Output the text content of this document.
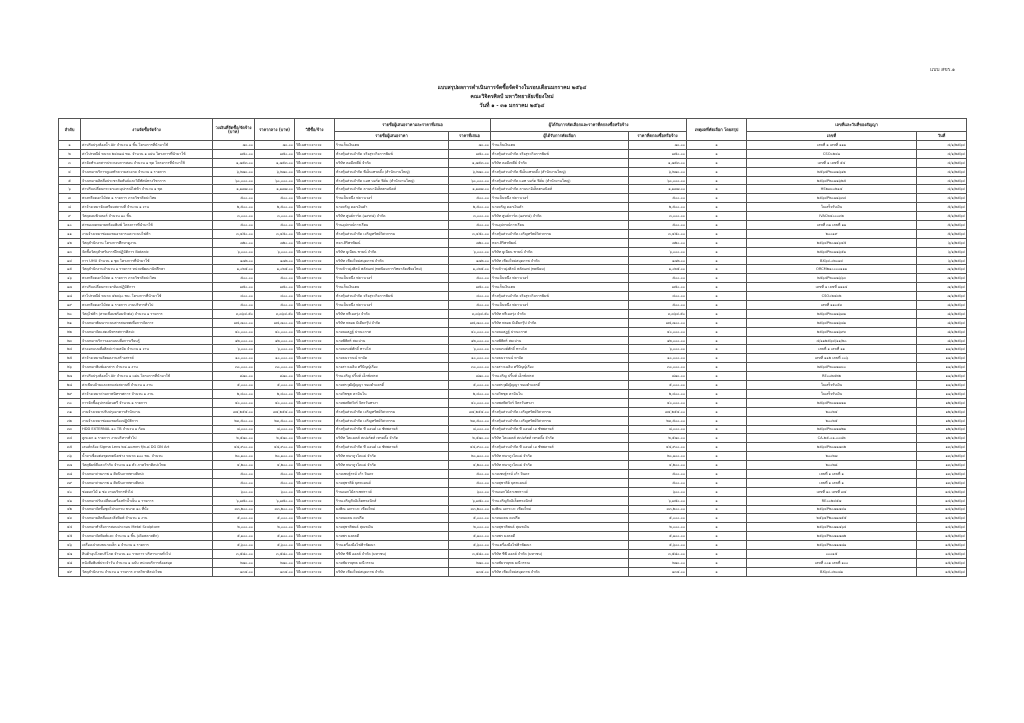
แบบ สขร.๑
แบบสรุปผลการดำเนินการจัดซื้อจัดจ้างในรอบเดือนมกราคม ๒๕๖๔
คณะวิจิตรศิลป์ มหาวิทยาลัยเชียงใหม่
วันที่ ๑ - ๓๑ มกราคม ๒๕๖๔
ลำดับ	งานจัดซื้อจัดจ้าง	วงเงินที่จัดซื้อ/จัดจ้าง (บาท)	ราคากลาง (บาท)	วิธีซื้อ/จ้าง	รายชื่อผู้เสนอราคาและราคาที่เสนอ		ผู้ได้รับการคัดเลือกและราคาที่ตกลงซื้อหรือจ้าง		เหตุผลที่คัดเลือก โดยสรุป	เลขที่และวันที่ของสัญญา	
					รายชื่อผู้เสนอราคา	ราคาที่เสนอ	ผู้ได้รับการคัดเลือก	ราคาที่ตกลงซื้อหรือจ้าง		เลขที่	วันที่
๑	ค่าปรับปรุงห้องน้ำ Air จำนวน ๑ ชิ้น โครงการที่นำมาใช้	๗๐.๐๐	๗๐.๐๐	วิธีเฉพาะเจาะจง	ร้านเก็บเงินเตย	๗๐.๐๐	ร้านเก็บเงินเตย	๗๐.๐๐	๑	เลขที่ ๑ เลขที่ ๑๑๑	๔/๑/๒๕๖๔
๒	ค่าไปรษณีย์ ขนาด ๒๔x๑๘ ซม. จำนวน ๑ แผ่น โครงการที่นำมาใช้	๗๕๐.๐๐	๗๕๐.๐๐	วิธีเฉพาะเจาะจง	ห้างหุ้นส่วนจำกัด จริงสุระกิจการพิมพ์	๗๕๐.๐๐	ห้างหุ้นส่วนจำกัด จริงสุระกิจการพิมพ์	๗๕๐.๐๐	๑	CSO๐๒๔๑	๔/๑/๒๕๖๔
๓	ค่าจัดทำเอกสารประกอบการสอน จำนวน ๑ ชุด โครงการที่นำมาใช้	๑,๗๕๓.๐๐	๑,๗๕๓.๐๐	วิธีเฉพาะเจาะจง	บริษัท คอมีเพลีย์ จำกัด	๑,๗๕๓.๐๐	บริษัท คอมีเพลีย์ จำกัด	๑,๗๕๓.๐๐	๑	เลขที่ ๑ เลขที่ ๕๔	๔/๑/๒๕๖๔
๔	จ้างเหมาบริการดูแลทำความสะอาด จำนวน ๑ รายการ	๖,๒๗๐.๐๐	๖,๒๗๐.๐๐	วิธีเฉพาะเจาะจง	ห้างหุ้นส่วนจำกัด พีเอ็นเทรดดิ้ง (สำนักงานใหญ่)	๖,๒๗๐.๐๐	ห้างหุ้นส่วนจำกัด พีเอ็นเทรดดิ้ง (สำนักงานใหญ่)	๖,๒๗๐.๐๐	๑	๒๕๖๔P๒๐๗๑๖๑๒	๔/๑/๒๕๖๔
๕	จ้างเหมาผลิตสื่อประชาสัมพันธ์และวิดีทัศน์ทางวิชาการ	๖๐,๐๐๐.๐๐	๖๐,๐๐๐.๐๐	วิธีเฉพาะเจาะจง	ห้างหุ้นส่วนจำกัด แอท บอร์ด ฟิล์ม (สำนักงานใหญ่)	๖๐,๐๐๐.๐๐	ห้างหุ้นส่วนจำกัด แอท บอร์ด ฟิล์ม (สำนักงานใหญ่)	๖๐,๐๐๐.๐๐	๑	๒๕๖๔P๒๐๗๑๖๒๕	๔/๑/๒๕๖๔
๖	ค่าปรับเปลี่ยนกระจกและอุปกรณ์ไฟฟ้า จำนวน ๑ ชุด	๑,๑๗๗.๐๐	๑,๑๗๗.๐๐	วิธีเฉพาะเจาะจง	ห้างหุ้นส่วนจำกัด ลานนาอิเล็คตรอนิคส์	๑,๑๗๗.๐๐	ห้างหุ้นส่วนจำกัด ลานนาอิเล็คตรอนิคส์	๑,๑๗๗.๐๐	๑	HS๒๗๐๐๒๑๔	๔/๑/๒๕๖๔
๗	พวงหรีดดอกไม้สด ๑ รายการ ภาควิชาศิลปะไทย	๕๐๐.๐๐	๕๐๐.๐๐	วิธีเฉพาะเจาะจง	ร้านเป็นหนึ่ง ฟลาวเวอร์	๕๐๐.๐๐	ร้านเป็นหนึ่ง ฟลาวเวอร์	๕๐๐.๐๐	๑	๒๕๖๔P๒๐๗๑๖๓๔	๔/๑/๒๕๖๔
๘	ค่าจ้างเหมาจัดเตรียมสถานที่ จำนวน ๑ งาน	๒,๕๐๐.๐๐	๒,๕๐๐.๐๐	วิธีเฉพาะเจาะจง	นายจรัญ ดอกเงินคำ	๒,๕๐๐.๐๐	นายจรัญ ดอกเงินคำ	๒,๕๐๐.๐๐	๑	ใบเสร็จรับเงิน	๕/๑/๒๕๖๔
๙	วัสดุคอมพิวเตอร์ จำนวน ๑๐ ชิ้น	๓,๐๐๐.๐๐	๓,๐๐๐.๐๐	วิธีเฉพาะเจาะจง	บริษัท ศูนย์การ์ด (๑๙๙๘) จำกัด	๓,๐๐๐.๐๐	บริษัท ศูนย์การ์ด (๑๙๙๘) จำกัด	๓,๐๐๐.๐๐	๑	IVAC๒๔๐๐๐๓๒	๕/๑/๒๕๖๔
๑๐	ค่าซองจดหมายพร้อมพิมพ์ โครงการที่นำมาใช้	๕๐๐.๐๐	๕๐๐.๐๐	วิธีเฉพาะเจาะจง	ร้านอุปกรณ์การเรียน	๕๐๐.๐๐	ร้านอุปกรณ์การเรียน	๕๐๐.๐๐	๑	เลขที่ ๓๑ เลขที่ ๑๑	๕/๑/๒๕๖๔
๑๑	งานจ้างเหมาซ่อมแซมอาคารและระบบไฟฟ้า	๓,๔๕๐.๐๐	๓,๔๕๐.๐๐	วิธีเฉพาะเจาะจง	ห้างหุ้นส่วนจำกัด เจริญทรัพย์วิศวกรรม	๓,๔๕๐.๐๐	ห้างหุ้นส่วนจำกัด เจริญทรัพย์วิศวกรรม	๓,๔๕๐.๐๐	๑	๒๐๐๑๙	๕/๑/๒๕๖๔
๑๒	วัสดุสำนักงาน โครงการศึกษาดูงาน	๗๒๐.๐๐	๗๒๐.๐๐	วิธีเฉพาะเจาะจง	หจก.สิริพรพัฒน์	๗๒๐.๐๐	หจก.สิริพรพัฒน์	๗๒๐.๐๐	๑	๒๕๖๔P๒๐๗๑๖๔๕	๖/๑/๒๕๖๔
๑๓	จัดซื้อวัสดุสำหรับการฝึกปฏิบัติการ Botanic	๖,๐๐๐.๐๐	๖,๐๐๐.๐๐	วิธีเฉพาะเจาะจง	บริษัท ยูเนียน ซายน์ จำกัด	๖,๐๐๐.๐๐	บริษัท ยูเนียน ซายน์ จำกัด	๖,๐๐๐.๐๐	๑	๒๕๖๔P๒๐๗๑๖๕๑	๖/๑/๒๕๖๔
๑๔	การ UHU จำนวน ๑ ชุด โครงการที่นำมาใช้	๑๗๒.๐๐	๑๗๒.๐๐	วิธีเฉพาะเจาะจง	บริษัท เชียงใหม่สมุดภาพ จำกัด	๑๗๒.๐๐	บริษัท เชียงใหม่สมุดภาพ จำกัด	๑๗๒.๐๐	๑	BX๖๔-๐๒๐๑๔	๖/๑/๒๕๖๔
๑๕	วัสดุสำนักงานจำนวน ๑ รายการ หน่วยพัฒนานักศึกษา	๑,๐๒๕.๐๐	๑,๐๒๕.๐๐	วิธีเฉพาะเจาะจง	ร้านข้าวมุ่งศิลป์ พลัสเอฟ (ทศนิยมการวิทยาลัยเชียงใหม่)	๑,๐๒๕.๐๐	ร้านข้าวมุ่งศิลป์ พลัสเอฟ (ทศนิยม)	๑,๐๒๕.๐๐	๑	ORCM๒๑๐๐๐๐๑๑๑	๗/๑/๒๕๖๔
๑๖	พวงหรีดดอกไม้สด ๑ รายการ ภาควิชาศิลปะไทย	๕๐๐.๐๐	๕๐๐.๐๐	วิธีเฉพาะเจาะจง	ร้านเป็นหนึ่ง ฟลาวเวอร์	๕๐๐.๐๐	ร้านเป็นหนึ่ง ฟลาวเวอร์	๕๐๐.๐๐	๑	๒๕๖๔P๒๐๗๑๖๖๓	๗/๑/๒๕๖๔
๑๗	ค่าปรับเปลี่ยนกระจกห้องปฏิบัติการ	๗๕๐.๐๐	๗๕๐.๐๐	วิธีเฉพาะเจาะจง	ร้านเก็บเงินเตย	๗๕๐.๐๐	ร้านเก็บเงินเตย	๗๕๐.๐๐	๑	เลขที่ ๑ เลขที่ ๑๑๑๔	๗/๑/๒๕๖๔
๑๘	ค่าไปรษณีย์ ขนาด ๔๒x๖๐ ซม. โครงการที่นำมาใช้	๔๐๐.๐๐	๔๐๐.๐๐	วิธีเฉพาะเจาะจง	ห้างหุ้นส่วนจำกัด จริงสุระกิจการพิมพ์	๔๐๐.๐๐	ห้างหุ้นส่วนจำกัด จริงสุระกิจการพิมพ์	๔๐๐.๐๐	๑	CSO๐๒๔๓๒	๗/๑/๒๕๖๔
๑๙	พวงหรีดดอกไม้สด ๑ รายการ งานบริหารทั่วไป	๕๐๐.๐๐	๕๐๐.๐๐	วิธีเฉพาะเจาะจง	ร้านเป็นหนึ่ง ฟลาวเวอร์	๕๐๐.๐๐	ร้านเป็นหนึ่ง ฟลาวเวอร์	๕๐๐.๐๐	๑	เลขที่ ๑๑๐๕๓	๘/๑/๒๕๖๔
๒๐	วัสดุไฟฟ้า (สายเชื่อมพร้อมหัวต่อ) จำนวน ๑ รายการ	๓,๓๖๔.๕๐	๓,๓๖๔.๕๐	วิธีเฉพาะเจาะจง	บริษัท พรีเมลรุ่ง จำกัด	๓,๓๖๔.๕๐	บริษัท พรีเมลรุ่ง จำกัด	๓,๓๖๔.๕๐	๑	๒๕๖๔P๒๐๗๑๖๗๑	๘/๑/๒๕๖๔
๒๑	จ้างเหมาพัฒนาระบบสารสนเทศเพื่อการจัดการ	๗๔,๗๐๐.๐๐	๗๔,๗๐๐.๐๐	วิธีเฉพาะเจาะจง	บริษัท พลอย มิเดียกรุ๊ป จำกัด	๗๔,๗๐๐.๐๐	บริษัท พลอย มิเดียกรุ๊ป จำกัด	๗๔,๗๐๐.๐๐	๑	๒๕๖๔P๒๐๗๑๖๘๑	๘/๑/๒๕๖๔
๒๒	จ้างเหมาจัดแสดงนิทรรศการศิลปะ	๔๐,๐๐๐.๐๐	๔๐,๐๐๐.๐๐	วิธีเฉพาะเจาะจง	นายณเสฏฐ์ ปาณะกาศ	๔๐,๐๐๐.๐๐	นายณเสฏฐ์ ปาณะกาศ	๔๐,๐๐๐.๐๐	๑	๒๕๖๔P๒๐๗๑๖๙๓	๘/๑/๒๕๖๔
๒๓	จ้างเหมาบริการออกแบบสื่อการเรียนรู้	๑๒,๐๐๐.๐๐	๑๒,๐๐๐.๐๐	วิธีเฉพาะเจาะจง	นายพิพิศร์ สมเปาน	๑๒,๐๐๐.๐๐	นายพิพิศร์ สมเปาน	๑๒,๐๐๐.๐๐	๑	๔/๑๑๒๕๖๔/๑๑/๒๐	๘/๑/๒๕๖๔
๒๔	ค่าออกแบบสื่อศิลปะร่วมสมัย จำนวน ๑ งาน	๖,๐๐๐.๐๐	๖,๐๐๐.๐๐	วิธีเฉพาะเจาะจง	นายณรงค์ศักดิ์ ทาบโส	๖,๐๐๐.๐๐	นายณรงค์ศักดิ์ ทาบโส	๖,๐๐๐.๐๐	๑	เลขที่ ๑ เลขที่ ๑๑	๑๑/๑/๒๕๖๔
๒๕	ค่าจ้างเหมาผลิตผลงานสร้างสรรค์	๑๐,๐๐๐.๐๐	๑๐,๐๐๐.๐๐	วิธีเฉพาะเจาะจง	นายธนวาณน์ หาบัด	๑๐,๐๐๐.๐๐	นายธนวาณน์ หาบัด	๑๐,๐๐๐.๐๐	๑	เลขที่ ๑๑๒ เลขที่ ๐๐๖	๑๑/๑/๒๕๖๔
๒๖	จ้างเหมาพิมพ์เอกสาร จำนวน ๑ งาน	๓๐,๐๐๐.๐๐	๓๐,๐๐๐.๐๐	วิธีเฉพาะเจาะจง	นางสาวเฉลิม ศรีปัญญ์เรือง	๓๐,๐๐๐.๐๐	นางสาวเฉลิม ศรีปัญญ์เรือง	๓๐,๐๐๐.๐๐	๑	๒๕๖๔P๒๐๗๑๗๐๐	๑๑/๑/๒๕๖๔
๒๗	ค่าปรับปรุงห้องน้ำ Air จำนวน ๑ แผ่น โครงการที่นำมาใช้	๘๗๐.๐๐	๘๗๐.๐๐	วิธีเฉพาะเจาะจง	ร้านเจริญ ปริ้นท์ เอ็กซ์เพรส	๘๗๐.๐๐	ร้านเจริญ ปริ้นท์ เอ็กซ์เพรส	๘๗๐.๐๐	๑	RE๐๐๒๔๒๒	๑๑/๑/๒๕๖๔
๒๘	ค่าเขียนป้ายและตกแต่งสถานที่ จำนวน ๑ งาน	๕,๐๐๐.๐๐	๕,๐๐๐.๐๐	วิธีเฉพาะเจาะจง	นายสรวุฒิญัญญา ทองคำแครดิ์	๕,๐๐๐.๐๐	นายสรวุฒิญัญญา ทองคำแครดิ์	๕,๐๐๐.๐๐	๑	ใบเสร็จรับเงิน	๑๑/๑/๒๕๖๔
๒๙	ค่าจ้างเหมาถ่ายภาพนิทรรศการ จำนวน ๑ งาน	๒,๔๐๐.๐๐	๒,๔๐๐.๐๐	วิธีเฉพาะเจาะจง	นายวิชชุต คามินโน	๒,๔๐๐.๐๐	นายวิชชุต คามินโน	๒,๔๐๐.๐๐	๑	ใบเสร็จรับเงิน	๑๑/๑/๒๕๖๔
๓๐	การจัดซื้ออุปกรณ์ดนตรี จำนวน ๑ รายการ	๔๐,๐๐๐.๐๐	๔๐,๐๐๐.๐๐	วิธีเฉพาะเจาะจง	นายพลพิศวัจร์ จิตรวันทรงา	๔๐,๐๐๐.๐๐	นายพลพิศวัจร์ จิตรวันทรงา	๔๐,๐๐๐.๐๐	๑	๒๕๖๔P๒๐๗๑๗๑๑	๑๒/๑/๒๕๖๔
๓๑	งานจ้างเหมาปรับปรุงอาคารสำนักงาน	๗๔,๒๕๔.๐๐	๗๔,๒๕๔.๐๐	วิธีเฉพาะเจาะจง	ห้างหุ้นส่วนจำกัด เจริญทรัพย์วิศวกรรม	๗๔,๒๕๔.๐๐	ห้างหุ้นส่วนจำกัด เจริญทรัพย์วิศวกรรม	๗๔,๒๕๔.๐๐	๑	๒๐๐๒๔	๑๒/๑/๒๕๖๔
๓๒	งานจ้างเหมาซ่อมแซมห้องปฏิบัติการ	๒๓,๕๐๐.๐๐	๒๓,๕๐๐.๐๐	วิธีเฉพาะเจาะจง	ห้างหุ้นส่วนจำกัด เจริญทรัพย์วิศวกรรม	๒๓,๕๐๐.๐๐	ห้างหุ้นส่วนจำกัด เจริญทรัพย์วิศวกรรม	๒๓,๕๐๐.๐๐	๑	๒๐๐๒๕	๑๒/๑/๒๕๖๔
๓๓	HDD EXTERNAL ๑๐ TB จำนวน ๑ ก้อน	๘,๐๐๐.๐๐	๘,๐๐๐.๐๐	วิธีเฉพาะเจาะจง	ห้างหุ้นส่วนจำกัด ที แอนด์ เอ ซัพพลายส์	๘,๐๐๐.๐๐	ห้างหุ้นส่วนจำกัด ที แอนด์ เอ ซัพพลายส์	๘,๐๐๐.๐๐	๑	๒๕๖๔P๒๐๗๑๗๒๑	๑๒/๑/๒๕๖๔
๓๔	ลูกแมก ๑ รายการ งานบริหารทั่วไป	๒,๕๗๐.๐๐	๒,๕๗๐.๐๐	วิธีเฉพาะเจาะจง	บริษัท โคแมคส์ สเปอร์ตส์ เทรดดิ้ง จำกัด	๒,๕๗๐.๐๐	บริษัท โคแมคส์ สเปอร์ตส์ เทรดดิ้ง จำกัด	๒,๕๗๐.๐๐	๑	CA-๒๕-๐๑-๐๐๘๒	๑๒/๑/๒๕๖๔
๓๕	เลนส์กล้อง Sigma Lens ๒๔-๗๐mm f/๒.๘ DG DN Art	๔๔,๙๐๐.๐๐	๔๔,๙๐๐.๐๐	วิธีเฉพาะเจาะจง	ห้างหุ้นส่วนจำกัด ที แอนด์ เอ ซัพพลายส์	๔๔,๙๐๐.๐๐	ห้างหุ้นส่วนจำกัด ที แอนด์ เอ ซัพพลายส์	๔๔,๙๐๐.๐๐	๑	๒๕๖๔P๒๐๗๑๗๓๒	๑๓/๑/๒๕๖๔
๓๖	น้ำยาเชื่อมต่อชุดเทคนิคช่าง ขนาด ๑๐๐ ซม. จำนวน	๒๐,๑๐๐.๐๐	๒๐,๑๐๐.๐๐	วิธีเฉพาะเจาะจง	บริษัท พนาภูวไดแม่ จำกัด	๒๐,๑๐๐.๐๐	บริษัท พนาภูวไดแม่ จำกัด	๒๐,๑๐๐.๐๐	๑	๒๐๐๒๗	๑๓/๑/๒๕๖๔
๓๗	วัสดุพิมพ์สีและกำกับ จำนวน ๑๑ ตัว ภาควิชาศิลปะไทย	๔,๒๐๐.๐๐	๔,๒๐๐.๐๐	วิธีเฉพาะเจาะจง	บริษัท พนาภูวไดแม่ จำกัด	๔,๒๐๐.๐๐	บริษัท พนาภูวไดแม่ จำกัด	๔,๒๐๐.๐๐	๑	๒๐๐๒๘	๑๓/๑/๒๕๖๔
๓๘	จ้างเหมาถ่ายภาพ ๑ ศิลปินภาพทางศิลปะ	๕๐๐.๐๐	๕๐๐.๐๐	วิธีเฉพาะเจาะจง	นายเชษฐ์รรม์ เก้า จินดร	๕๐๐.๐๐	นายเชษฐ์รรม์ เก้า จินดร	๕๐๐.๐๐	๑	เลขที่ ๑ เลขที่ ๑	๑๓/๑/๒๕๖๔
๓๙	จ้างเหมาถ่ายภาพ ๑ ศิลปินภาพทางศิลปะ	๕๐๐.๐๐	๕๐๐.๐๐	วิธีเฉพาะเจาะจง	นายสุชาติย์ บุตรแมนด์	๕๐๐.๐๐	นายสุชาติย์ บุตรแมนด์	๕๐๐.๐๐	๑	เลขที่ ๑ เลขที่ ๑	๑๓/๑/๒๕๖๔
๔๐	ช่อดอกไม้ ๑ ช่อ งานบริหารทั่วไป	๖๐๐.๐๐	๖๐๐.๐๐	วิธีเฉพาะเจาะจง	ร้านดอกไม้ลาเซพราวด์	๖๐๐.๐๐	ร้านดอกไม้ลาเซพราวด์	๖๐๐.๐๐	๑	เลขที่ ๑๐ เลขที่ ๗๔	๑๔/๑/๒๕๖๔
๔๑	จ้างเหมาปรับเปลี่ยนเครื่องทำน้ำเย็น ๑ รายการ	๖,๗๕๐.๐๐	๖,๗๕๐.๐๐	วิธีเฉพาะเจาะจง	ร้านเจริญกิจอิเล็คทรอนิกส์	๖,๗๕๐.๐๐	ร้านเจริญกิจอิเล็คทรอนิกส์	๖,๗๕๐.๐๐	๑	RE๐๐๒๔๕๗	๑๔/๑/๒๕๖๔
๔๒	จ้างเหมาจัดซื้อชุดโปรแกรม ขนาด ๑๐ ที่นั่ง	๓๓,๒๐๐.๐๐	๓๓,๒๐๐.๐๐	วิธีเฉพาะเจาะจง	ยงพิณ เอกระงะ เชียงใหม่	๓๓,๒๐๐.๐๐	ยงพิณ เอกระงะ เชียงใหม่	๓๓,๒๐๐.๐๐	๑	๒๕๖๔P๒๐๗๑๗๔๑	๑๔/๑/๒๕๖๔
๔๓	จ้างเหมาผลิตสื่อและสิ่งพิมพ์ จำนวน ๑ งาน	๕,๐๐๐.๐๐	๕,๐๐๐.๐๐	วิธีเฉพาะเจาะจง	นายนแคน ดงปรีย	๕,๐๐๐.๐๐	นายนแคน ดงปรีย	๕,๐๐๐.๐๐	๑	๒๕๖๔P๒๐๗๑๗๕๕	๑๔/๑/๒๕๖๔
๔๔	จ้างเหมาทำสื่อการสอนประกอบ Metal Sculpture	๒,๐๐๐.๐๐	๒,๐๐๐.๐๐	วิธีเฉพาะเจาะจง	นายสุชาติพนธ์ สุณชเงิน	๒,๐๐๐.๐๐	นายสุชาติพนธ์ สุณชเงิน	๒,๐๐๐.๐๐	๑	๒๕๖๔P๒๐๗๑๗๖๔	๑๔/๑/๒๕๖๔
๔๕	จ้างเหมาจัดพิมพ์และ จำนวน ๑ ชิ้น (เดิมพลาสติก)	๕,๑๐๐.๐๐	๕,๑๐๐.๐๐	วิธีเฉพาะเจาะจง	นายพร มงคลดี	๕,๑๐๐.๐๐	นายพร มงคลดี	๕,๑๐๐.๐๐	๑	๒๕๖๔P๒๐๗๑๗๗๒	๑๕/๑/๒๕๖๔
๔๖	เครื่องเป่าลมขนาดเล็ก ๑ จำนวน ๑ รายการ	๕,๖๐๐.๐๐	๕,๖๐๐.๐๐	วิธีเฉพาะเจาะจง	ร้านเครื่องมือไฟฟ้าพัฒนา	๕,๖๐๐.๐๐	ร้านเครื่องมือไฟฟ้าพัฒนา	๕,๖๐๐.๐๐	๑	๒๕๖๔P๒๐๗๑๗๘๑	๑๕/๑/๒๕๖๔
๔๗	สินค้าอุปโภคบริโภค จำนวน ๑๐ รายการ บริหารงานทั่วไป	๓,๕๘๐.๐๐	๓,๕๘๐.๐๐	วิธีเฉพาะเจาะจง	บริษัท ซีพี ออลล์ จำกัด (มหาชน)	๓,๕๘๐.๐๐	บริษัท ซีพี ออลล์ จำกัด (มหาชน)	๓,๕๘๐.๐๐	๑	๐๐๐๑๕	๑๕/๑/๒๕๖๔
๔๘	หนังสือพิมพ์ประจำวัน จำนวน ๑ ฉบับ หน่วยบริการห้องสมุด	๒๗๐.๐๐	๒๗๐.๐๐	วิธีเฉพาะเจาะจง	นายชัยวรยุทธ มณีวรรณ	๒๗๐.๐๐	นายชัยวรยุทธ มณีวรรณ	๒๗๐.๐๐	๑	เลขที่ ๐๐๑ เลขที่ ๑๐๐	๑๕/๑/๒๕๖๔
๔๙	วัสดุสำนักงาน จำนวน ๑ รายการ ภาควิชาศิลปะไทย	๑๓๔.๐๐	๑๓๔.๐๐	วิธีเฉพาะเจาะจง	บริษัท เชียงใหม่สมุดภาพ จำกัด	๑๓๔.๐๐	บริษัท เชียงใหม่สมุดภาพ จำกัด	๑๓๔.๐๐	๑	BX๖๔-๐๒๐๘๑	๑๕/๑/๒๕๖๔
